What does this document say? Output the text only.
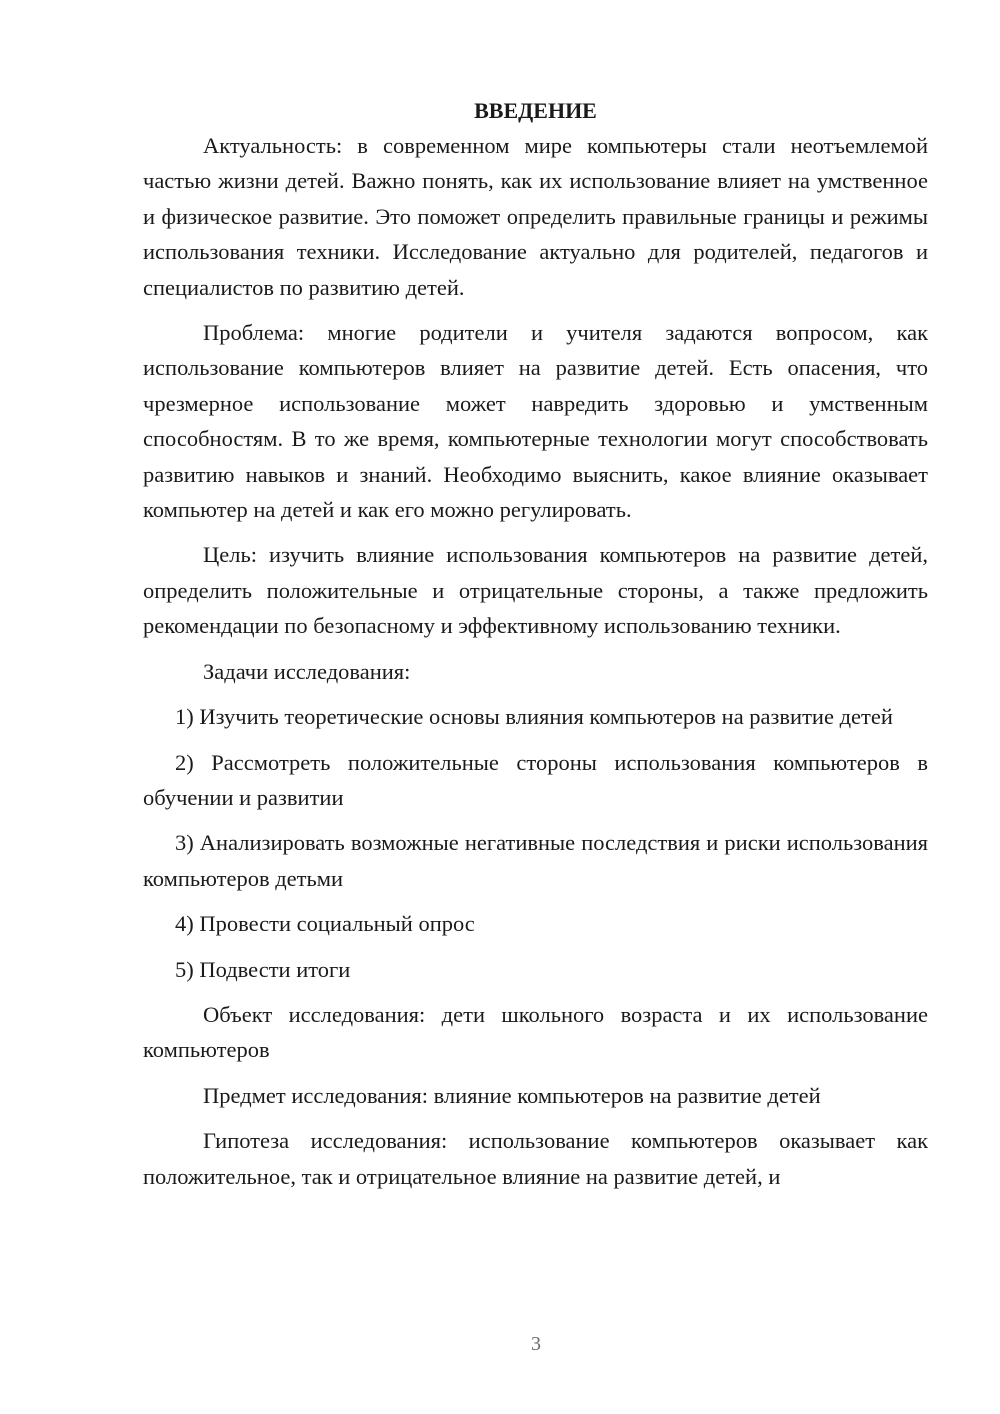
ВВЕДЕНИЕ

Актуальность: в современном мире компьютеры стали неотъемлемой частью жизни детей. Важно понять, как их использование влияет на умственное и физическое развитие. Это поможет определить правильные границы и режимы использования техники. Исследование актуально для родителей, педагогов и специалистов по развитию детей.

Проблема: многие родители и учителя задаются вопросом, как использование компьютеров влияет на развитие детей. Есть опасения, что чрезмерное использование может навредить здоровью и умственным способностям. В то же время, компьютерные технологии могут способствовать развитию навыков и знаний. Необходимо выяснить, какое влияние оказывает компьютер на детей и как его можно регулировать.

Цель: изучить влияние использования компьютеров на развитие детей, определить положительные и отрицательные стороны, а также предложить рекомендации по безопасному и эффективному использованию техники.

Задачи исследования:

1) Изучить теоретические основы влияния компьютеров на развитие детей

2) Рассмотреть положительные стороны использования компьютеров в обучении и развитии

3) Анализировать возможные негативные последствия и риски использования компьютеров детьми

4) Провести социальный опрос

5) Подвести итоги

Объект исследования: дети школьного возраста и их использование компьютеров

Предмет исследования: влияние компьютеров на развитие детей

Гипотеза исследования: использование компьютеров оказывает как положительное, так и отрицательное влияние на развитие детей, и

3
